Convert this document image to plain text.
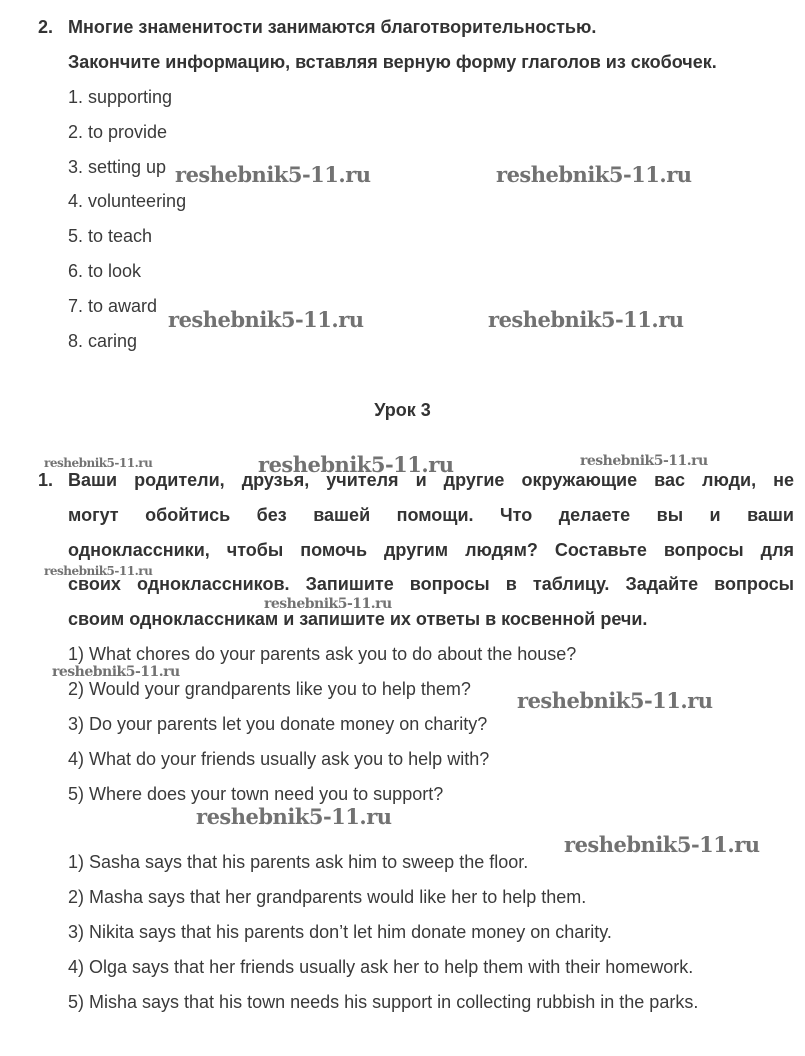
2. Многие знаменитости занимаются благотворительностью.
Закончите информацию, вставляя верную форму глаголов из скобочек.
1. supporting
2. to provide
3. setting up
4. volunteering
5. to teach
6. to look
7. to award
8. caring
Урок 3
1. Ваши родители, друзья, учителя и другие окружающие вас люди, не
могут обойтись без вашей помощи. Что делаете вы и ваши
одноклассники, чтобы помочь другим людям? Составьте вопросы для
своих одноклассников. Запишите вопросы в таблицу. Задайте вопросы
своим одноклассникам и запишите их ответы в косвенной речи.
1) What chores do your parents ask you to do about the house?
2) Would your grandparents like you to help them?
3) Do your parents let you donate money on charity?
4) What do your friends usually ask you to help with?
5) Where does your town need you to support?
1) Sasha says that his parents ask him to sweep the floor.
2) Masha says that her grandparents would like her to help them.
3) Nikita says that his parents don’t let him donate money on charity.
4) Olga says that her friends usually ask her to help them with their homework.
5) Misha says that his town needs his support in collecting rubbish in the parks.
reshebnik5-11.ru	reshebnik5-11.ru
reshebnik5-11.ru	reshebnik5-11.ru
reshebnik5-11.ru	reshebnik5-11.ru	reshebnik5-11.ru
reshebnik5-11.ru
reshebnik5-11.ru
reshebnik5-11.ru
reshebnik5-11.ru
reshebnik5-11.ru
reshebnik5-11.ru
